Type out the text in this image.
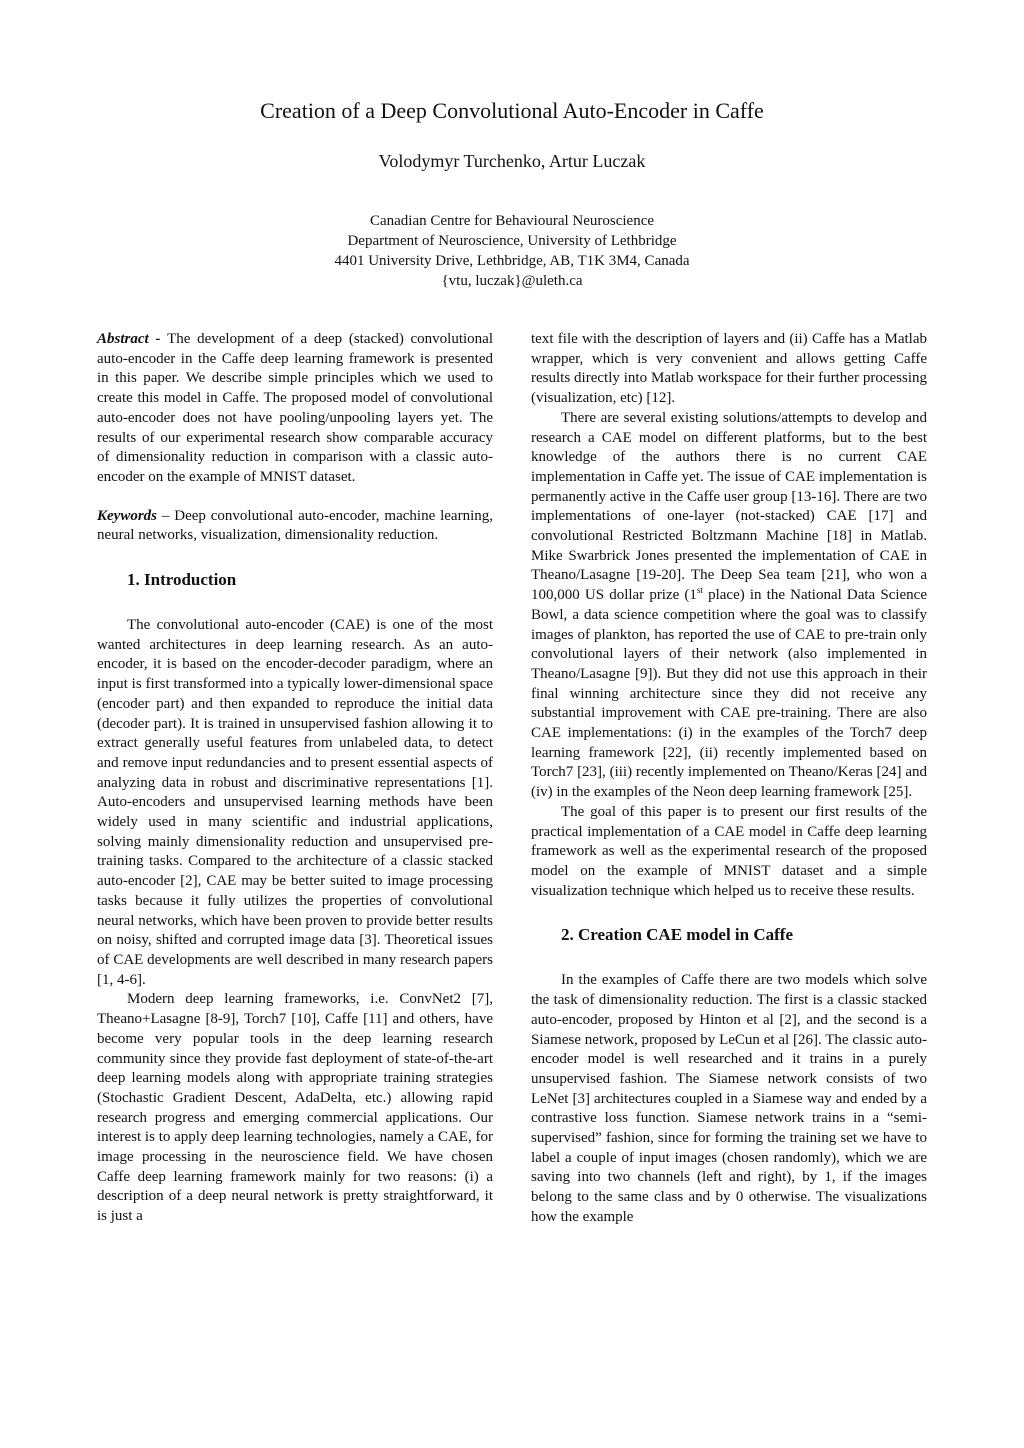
Creation of a Deep Convolutional Auto-Encoder in Caffe
Volodymyr Turchenko, Artur Luczak
Canadian Centre for Behavioural Neuroscience
Department of Neuroscience, University of Lethbridge
4401 University Drive, Lethbridge, AB, T1K 3M4, Canada
{vtu, luczak}@uleth.ca

Abstract - The development of a deep (stacked) convolutional auto-encoder in the Caffe deep learning framework is presented in this paper. We describe simple principles which we used to create this model in Caffe. The proposed model of convolutional auto-encoder does not have pooling/unpooling layers yet. The results of our experimental research show comparable accuracy of dimensionality reduction in comparison with a classic auto-encoder on the example of MNIST dataset.

Keywords – Deep convolutional auto-encoder, machine learning, neural networks, visualization, dimensionality reduction.

1. Introduction

The convolutional auto-encoder (CAE) is one of the most wanted architectures in deep learning research. As an auto-encoder, it is based on the encoder-decoder paradigm, where an input is first transformed into a typically lower-dimensional space (encoder part) and then expanded to reproduce the initial data (decoder part). It is trained in unsupervised fashion allowing it to extract generally useful features from unlabeled data, to detect and remove input redundancies and to present essential aspects of analyzing data in robust and discriminative representations [1]. Auto-encoders and unsupervised learning methods have been widely used in many scientific and industrial applications, solving mainly dimensionality reduction and unsupervised pre-training tasks. Compared to the architecture of a classic stacked auto-encoder [2], CAE may be better suited to image processing tasks because it fully utilizes the properties of convolutional neural networks, which have been proven to provide better results on noisy, shifted and corrupted image data [3]. Theoretical issues of CAE developments are well described in many research papers [1, 4-6].

Modern deep learning frameworks, i.e. ConvNet2 [7], Theano+Lasagne [8-9], Torch7 [10], Caffe [11] and others, have become very popular tools in the deep learning research community since they provide fast deployment of state-of-the-art deep learning models along with appropriate training strategies (Stochastic Gradient Descent, AdaDelta, etc.) allowing rapid research progress and emerging commercial applications. Our interest is to apply deep learning technologies, namely a CAE, for image processing in the neuroscience field. We have chosen Caffe deep learning framework mainly for two reasons: (i) a description of a deep neural network is pretty straightforward, it is just a

text file with the description of layers and (ii) Caffe has a Matlab wrapper, which is very convenient and allows getting Caffe results directly into Matlab workspace for their further processing (visualization, etc) [12].

There are several existing solutions/attempts to develop and research a CAE model on different platforms, but to the best knowledge of the authors there is no current CAE implementation in Caffe yet. The issue of CAE implementation is permanently active in the Caffe user group [13-16]. There are two implementations of one-layer (not-stacked) CAE [17] and convolutional Restricted Boltzmann Machine [18] in Matlab. Mike Swarbrick Jones presented the implementation of CAE in Theano/Lasagne [19-20]. The Deep Sea team [21], who won a 100,000 US dollar prize (1st place) in the National Data Science Bowl, a data science competition where the goal was to classify images of plankton, has reported the use of CAE to pre-train only convolutional layers of their network (also implemented in Theano/Lasagne [9]). But they did not use this approach in their final winning architecture since they did not receive any substantial improvement with CAE pre-training. There are also CAE implementations: (i) in the examples of the Torch7 deep learning framework [22], (ii) recently implemented based on Torch7 [23], (iii) recently implemented on Theano/Keras [24] and (iv) in the examples of the Neon deep learning framework [25].

The goal of this paper is to present our first results of the practical implementation of a CAE model in Caffe deep learning framework as well as the experimental research of the proposed model on the example of MNIST dataset and a simple visualization technique which helped us to receive these results.

2. Creation CAE model in Caffe

In the examples of Caffe there are two models which solve the task of dimensionality reduction. The first is a classic stacked auto-encoder, proposed by Hinton et al [2], and the second is a Siamese network, proposed by LeCun et al [26]. The classic auto-encoder model is well researched and it trains in a purely unsupervised fashion. The Siamese network consists of two LeNet [3] architectures coupled in a Siamese way and ended by a contrastive loss function. Siamese network trains in a “semi-supervised” fashion, since for forming the training set we have to label a couple of input images (chosen randomly), which we are saving into two channels (left and right), by 1, if the images belong to the same class and by 0 otherwise. The visualizations how the example
